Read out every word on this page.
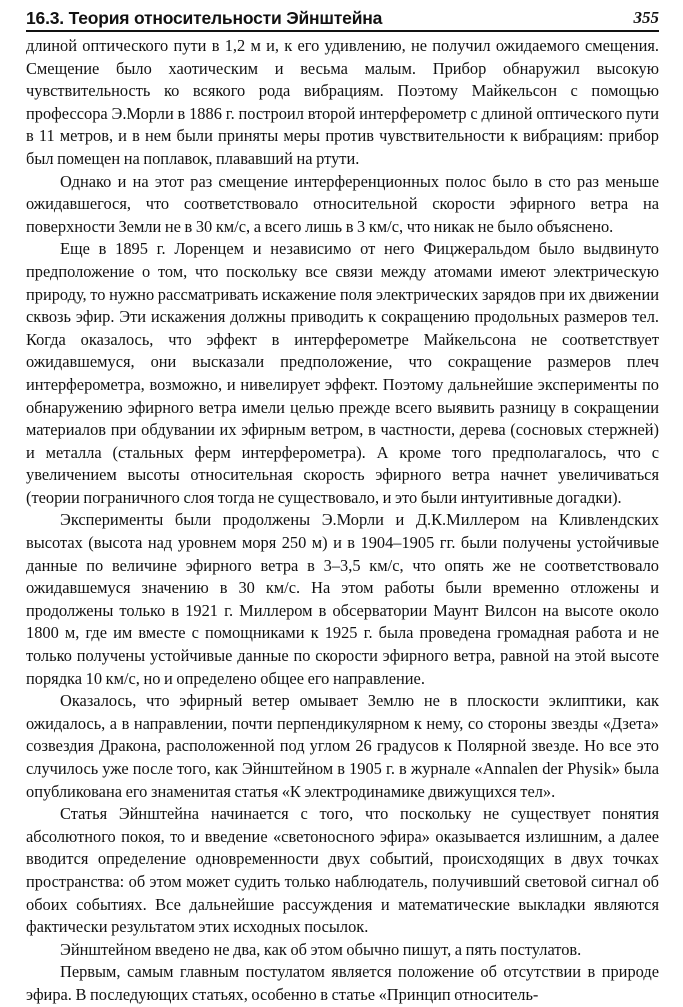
16.3. Теория относительности Эйнштейна	355

длиной оптического пути в 1,2 м и, к его удивлению, не получил ожидаемого смещения. Смещение было хаотическим и весьма малым. Прибор обнаружил высокую чувствительность ко всякого рода вибрациям. Поэтому Майкельсон с помощью профессора Э.Морли в 1886 г. построил второй интерферометр с длиной оптического пути в 11 метров, и в нем были приняты меры против чувствительности к вибрациям: прибор был помещен на поплавок, плававший на ртути.

Однако и на этот раз смещение интерференционных полос было в сто раз меньше ожидавшегося, что соответствовало относительной скорости эфирного ветра на поверхности Земли не в 30 км/с, а всего лишь в 3 км/с, что никак не было объяснено.

Еще в 1895 г. Лоренцем и независимо от него Фицжеральдом было выдвинуто предположение о том, что поскольку все связи между атомами имеют электрическую природу, то нужно рассматривать искажение поля электрических зарядов при их движении сквозь эфир. Эти искажения должны приводить к сокращению продольных размеров тел. Когда оказалось, что эффект в интерферометре Майкельсона не соответствует ожидавшемуся, они высказали предположение, что сокращение размеров плеч интерферометра, возможно, и нивелирует эффект. Поэтому дальнейшие эксперименты по обнаружению эфирного ветра имели целью прежде всего выявить разницу в сокращении материалов при обдувании их эфирным ветром, в частности, дерева (сосновых стержней) и металла (стальных ферм интерферометра). А кроме того предполагалось, что с увеличением высоты относительная скорость эфирного ветра начнет увеличиваться (теории пограничного слоя тогда не существовало, и это были интуитивные догадки).

Эксперименты были продолжены Э.Морли и Д.К.Миллером на Кливлендских высотах (высота над уровнем моря 250 м) и в 1904–1905 гг. были получены устойчивые данные по величине эфирного ветра в 3–3,5 км/с, что опять же не соответствовало ожидавшемуся значению в 30 км/с. На этом работы были временно отложены и продолжены только в 1921 г. Миллером в обсерватории Маунт Вилсон на высоте около 1800 м, где им вместе с помощниками к 1925 г. была проведена громадная работа и не только получены устойчивые данные по скорости эфирного ветра, равной на этой высоте порядка 10 км/с, но и определено общее его направление.

Оказалось, что эфирный ветер омывает Землю не в плоскости эклиптики, как ожидалось, а в направлении, почти перпендикулярном к нему, со стороны звезды «Дзета» созвездия Дракона, расположенной под углом 26 градусов к Полярной звезде. Но все это случилось уже после того, как Эйнштейном в 1905 г. в журнале «Annalen der Physik» была опубликована его знаменитая статья «К электродинамике движущихся тел».

Статья Эйнштейна начинается с того, что поскольку не существует понятия абсолютного покоя, то и введение «светоносного эфира» оказывается излишним, а далее вводится определение одновременности двух событий, происходящих в двух точках пространства: об этом может судить только наблюдатель, получивший световой сигнал об обоих событиях. Все дальнейшие рассуждения и математические выкладки являются фактически результатом этих исходных посылок.

Эйнштейном введено не два, как об этом обычно пишут, а пять постулатов.

Первым, самым главным постулатом является положение об отсутствии в природе эфира. В последующих статьях, особенно в статье «Принцип относитель-
